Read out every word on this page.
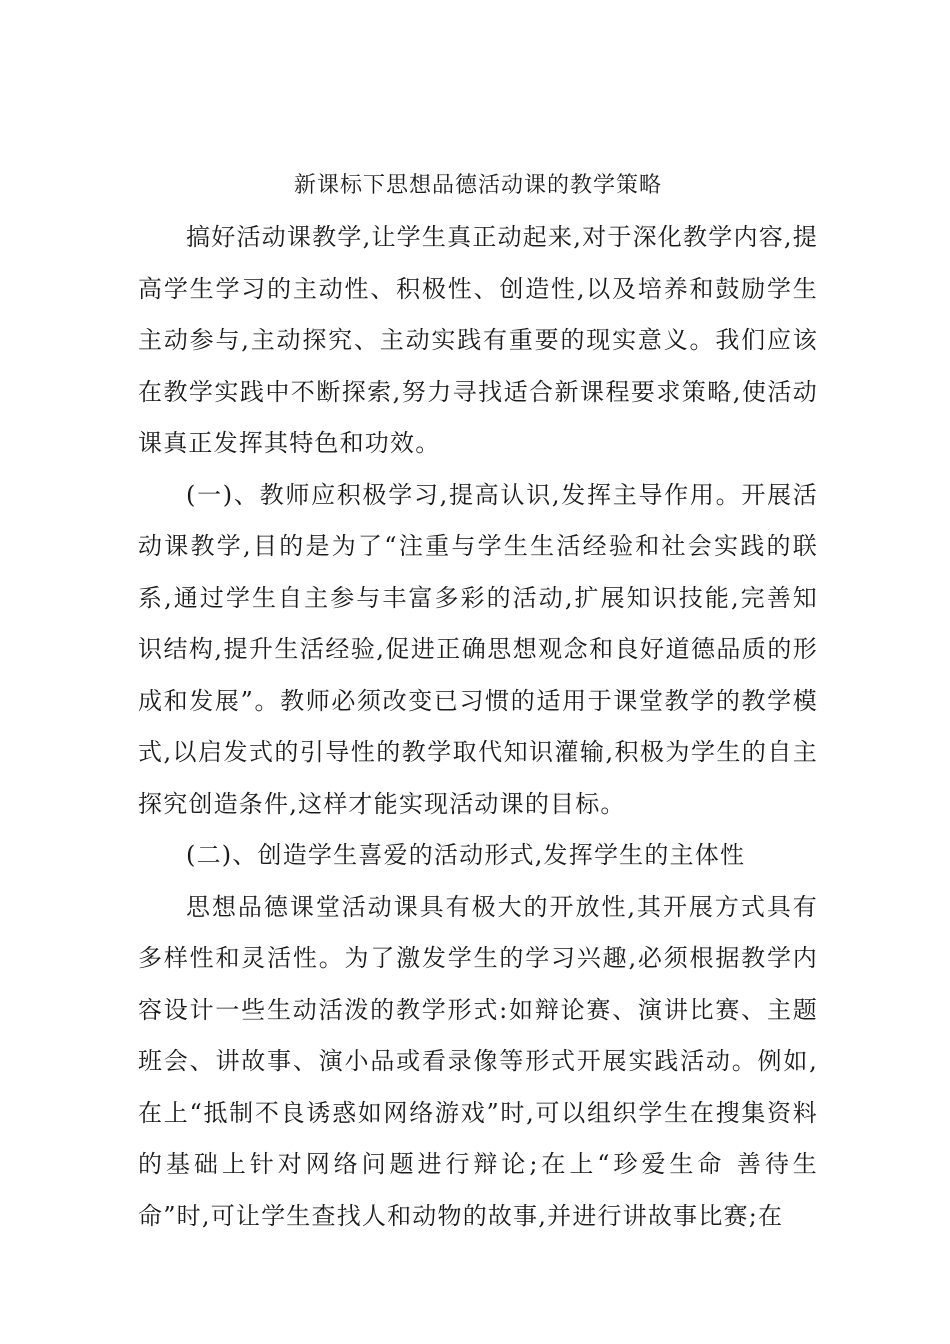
新课标下思想品德活动课的教学策略

搞好活动课教学,让学生真正动起来,对于深化教学内容,提高学生学习的主动性、积极性、创造性,以及培养和鼓励学生主动参与,主动探究、主动实践有重要的现实意义。我们应该在教学实践中不断探索,努力寻找适合新课程要求策略,使活动课真正发挥其特色和功效。

(一)、教师应积极学习,提高认识,发挥主导作用。开展活动课教学,目的是为了“注重与学生生活经验和社会实践的联系,通过学生自主参与丰富多彩的活动,扩展知识技能,完善知识结构,提升生活经验,促进正确思想观念和良好道德品质的形成和发展”。教师必须改变已习惯的适用于课堂教学的教学模式,以启发式的引导性的教学取代知识灌输,积极为学生的自主探究创造条件,这样才能实现活动课的目标。

(二)、创造学生喜爱的活动形式,发挥学生的主体性

思想品德课堂活动课具有极大的开放性,其开展方式具有多样性和灵活性。为了激发学生的学习兴趣,必须根据教学内容设计一些生动活泼的教学形式:如辩论赛、演讲比赛、主题班会、讲故事、演小品或看录像等形式开展实践活动。例如,在上“抵制不良诱惑如网络游戏”时,可以组织学生在搜集资料的基础上针对网络问题进行辩论;在上“珍爱生命 善待生命”时,可让学生查找人和动物的故事,并进行讲故事比赛;在
